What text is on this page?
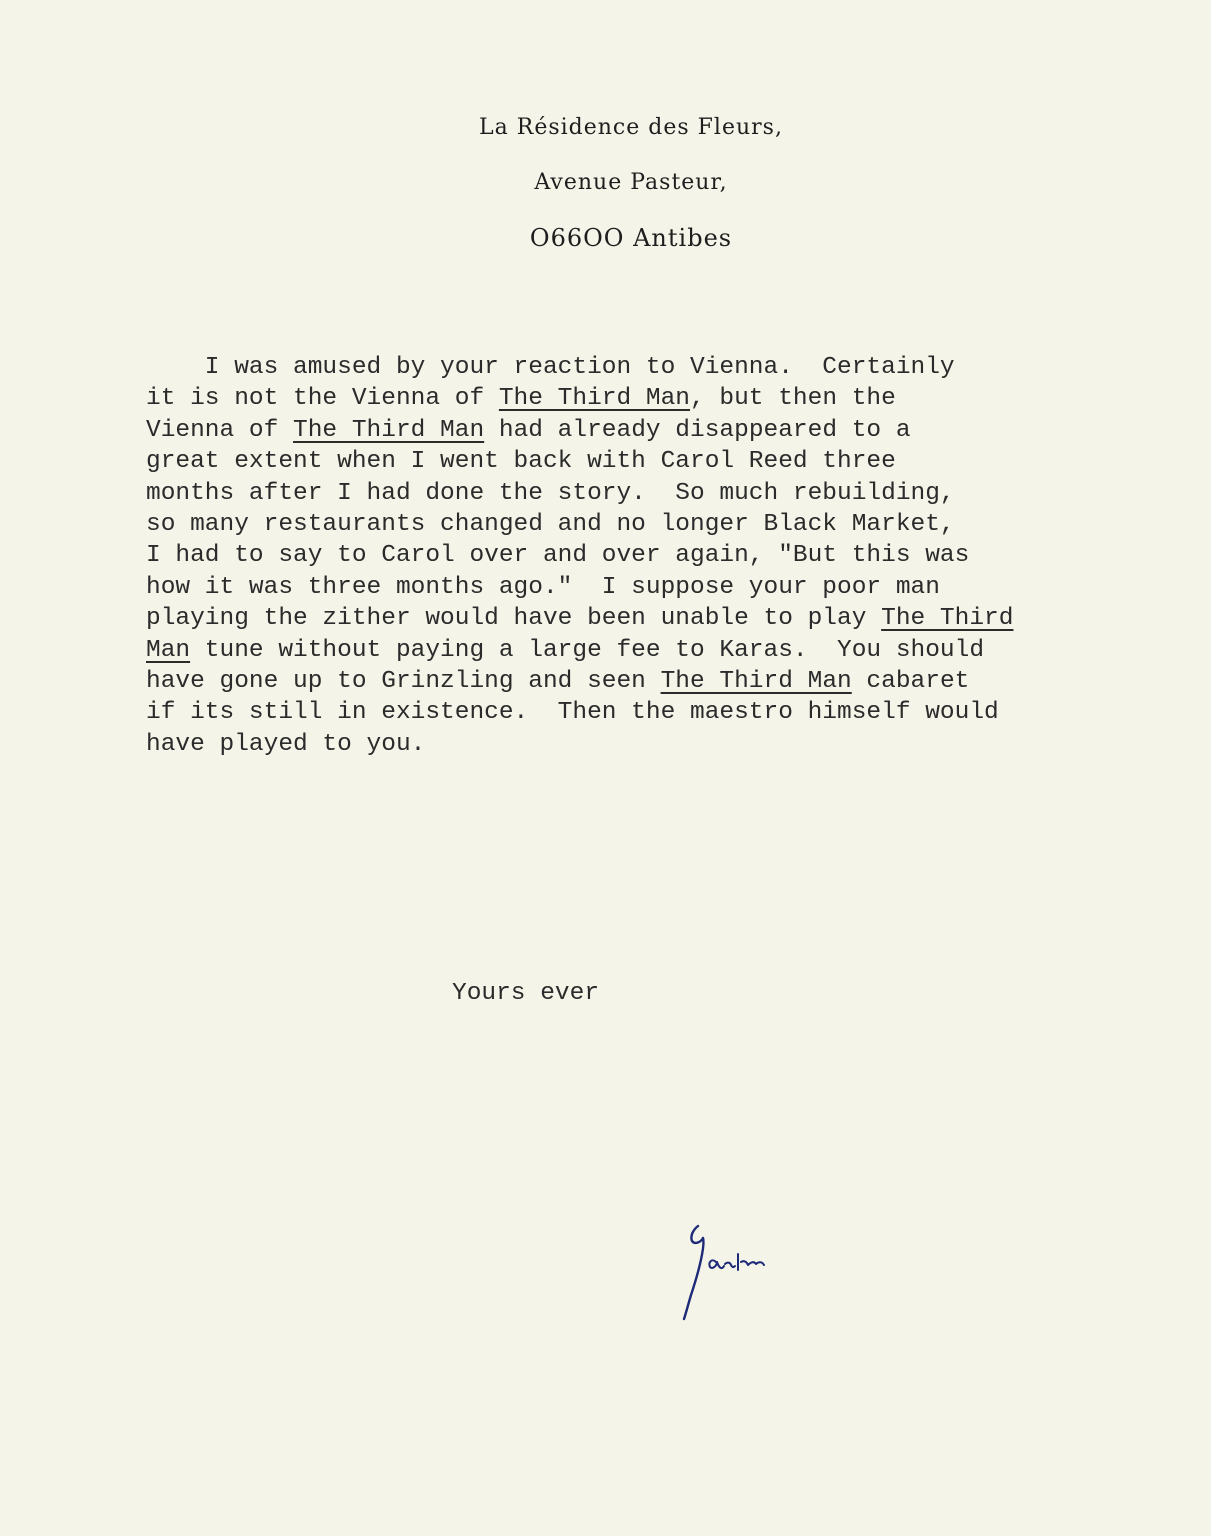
La Résidence des Fleurs,
Avenue Pasteur,
O66OO Antibes
I was amused by your reaction to Vienna.  Certainly
it is not the Vienna of The Third Man, but then the
Vienna of The Third Man had already disappeared to a
great extent when I went back with Carol Reed three
months after I had done the story.  So much rebuilding,
so many restaurants changed and no longer Black Market,
I had to say to Carol over and over again, "But this was
how it was three months ago."  I suppose your poor man
playing the zither would have been unable to play The Third
Man tune without paying a large fee to Karas.  You should
have gone up to Grinzling and seen The Third Man cabaret
if its still in existence.  Then the maestro himself would
have played to you.
Yours ever
